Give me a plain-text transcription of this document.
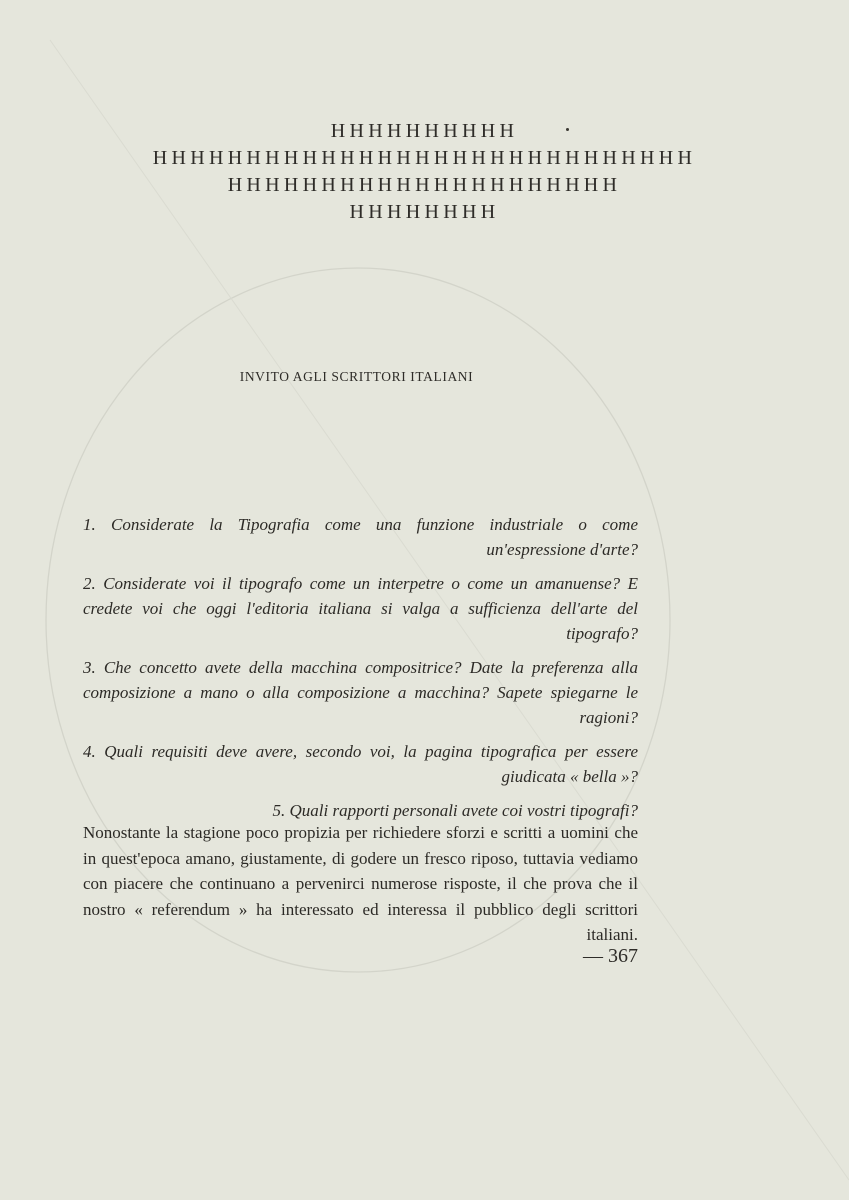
HHHHHHHHHH
HHHHHHHHHHHHHHHHHHHHHHHHHHHHH
HHHHHHHHHHHHHHHHHHHHH
HHHHHHHH
INVITO AGLI SCRITTORI ITALIANI

1. Considerate la Tipografia come una funzione industriale o come un'espressione d'arte?

2. Considerate voi il tipografo come un interpetre o come un amanuense? E credete voi che oggi l'editoria italiana si valga a sufficienza dell'arte del tipografo?

3. Che concetto avete della macchina compositrice? Date la preferenza alla composizione a mano o alla composizione a macchina? Sapete spiegarne le ragioni?

4. Quali requisiti deve avere, secondo voi, la pagina tipografica per essere giudicata « bella »?

5. Quali rapporti personali avete coi vostri tipografi?

Nonostante la stagione poco propizia per richiedere sforzi e scritti a uomini che in quest'epoca amano, giustamente, di godere un fresco riposo, tuttavia vediamo con piacere che continuano a pervenirci numerose risposte, il che prova che il nostro « referendum » ha interessato ed interessa il pubblico degli scrittori italiani.

— 367
